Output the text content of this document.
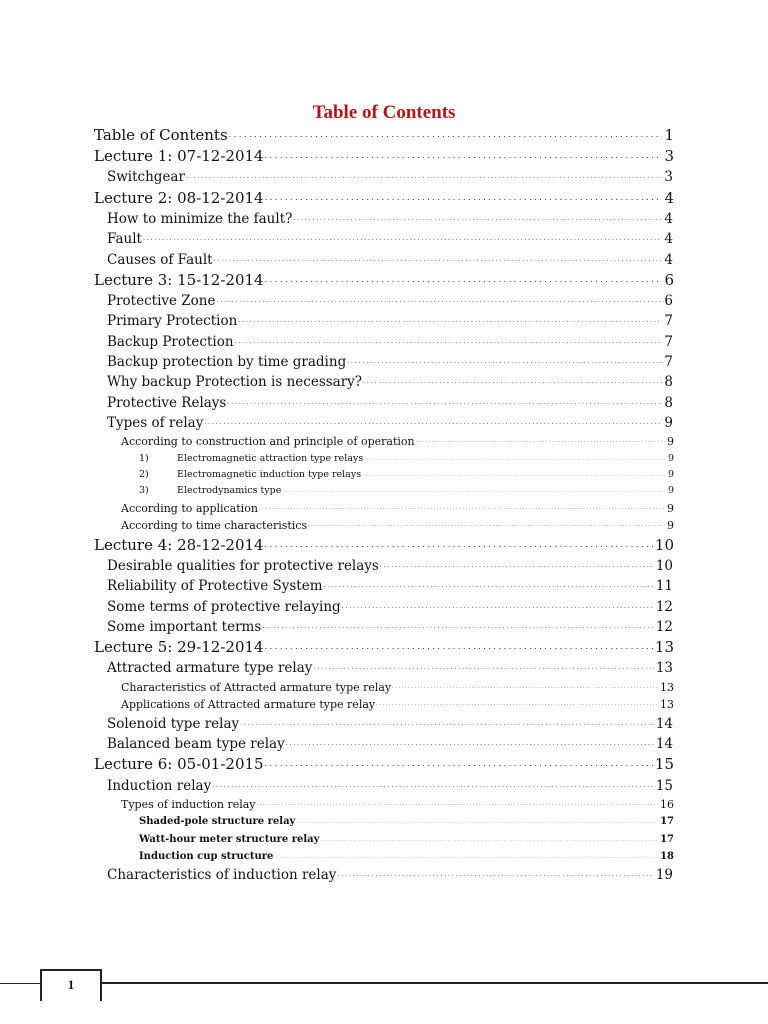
Table of Contents
Table of Contents . . .	1
Lecture 1: 07-12-2014 . . .	3
Switchgear . . .	3
Lecture 2: 08-12-2014 . . .	4
How to minimize the fault? . . .	4
Fault . . .	4
Causes of Fault . . .	4
Lecture 3: 15-12-2014 . . .	6
Protective Zone . . .	6
Primary Protection . . .	7
Backup Protection . . .	7
Backup protection by time grading . . .	7
Why backup Protection is necessary? . . .	8
Protective Relays . . .	8
Types of relay . . .	9
According to construction and principle of operation . . .	9
1)	Electromagnetic attraction type relays . . .	9
2)	Electromagnetic induction type relays . . .	9
3)	Electrodynamics type . . .	9
According to application . . .	9
According to time characteristics . . .	9
Lecture 4: 28-12-2014 . . .	10
Desirable qualities for protective relays . . .	10
Reliability of Protective System . . .	11
Some terms of protective relaying . . .	12
Some important terms . . .	12
Lecture 5: 29-12-2014 . . .	13
Attracted armature type relay . . .	13
Characteristics of Attracted armature type relay . . .	13
Applications of Attracted armature type relay . . .	13
Solenoid type relay . . .	14
Balanced beam type relay . . .	14
Lecture 6: 05-01-2015 . . .	15
Induction relay . . .	15
Types of induction relay . . .	16
Shaded-pole structure relay . . .	17
Watt-hour meter structure relay . . .	17
Induction cup structure . . .	18
Characteristics of induction relay . . .	19
1
